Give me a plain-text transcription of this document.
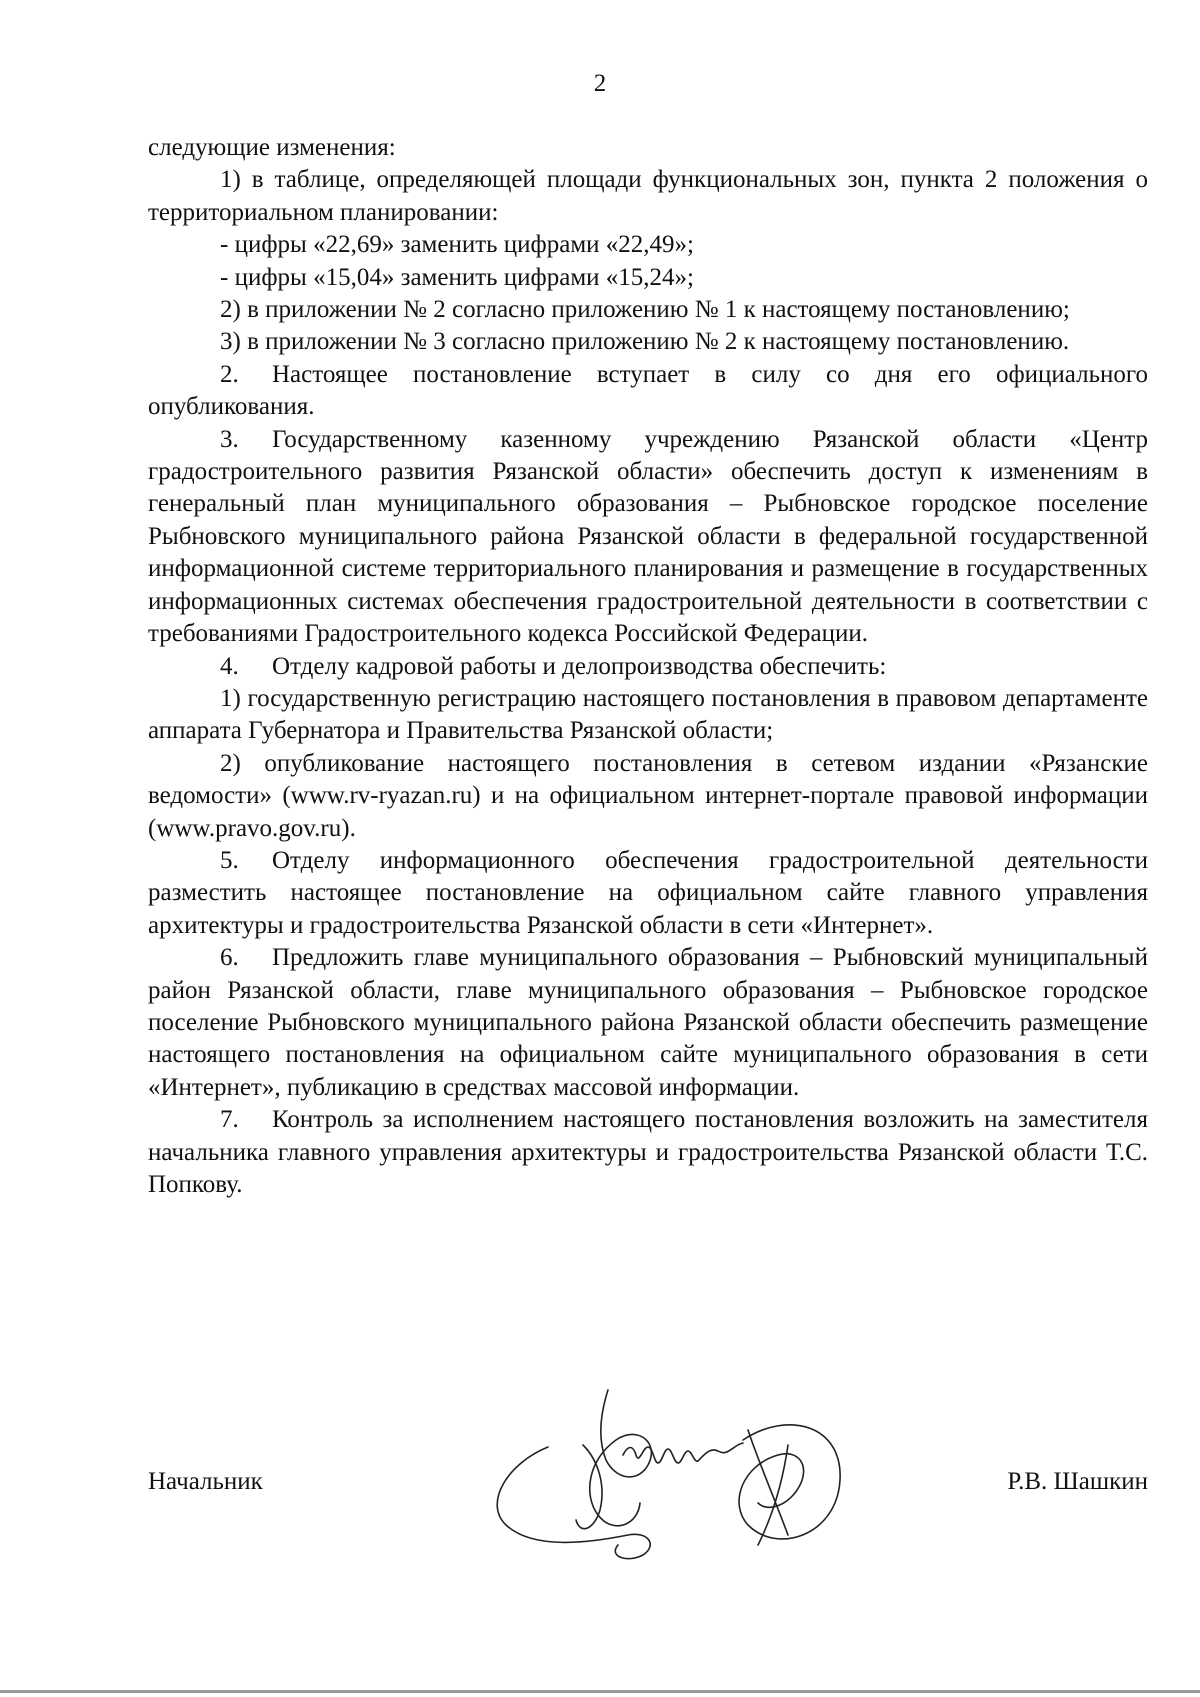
2

следующие изменения:

1) в таблице, определяющей площади функциональных зон, пункта 2 положения о территориальном планировании:

- цифры «22,69» заменить цифрами «22,49»;

- цифры «15,04» заменить цифрами «15,24»;

2) в приложении № 2 согласно приложению № 1 к настоящему постановлению;

3) в приложении № 3 согласно приложению № 2 к настоящему постановлению.

2. Настоящее постановление вступает в силу со дня его официального опубликования.

3. Государственному казенному учреждению Рязанской области «Центр градостроительного развития Рязанской области» обеспечить доступ к изменениям в генеральный план муниципального образования – Рыбновское городское поселение Рыбновского муниципального района Рязанской области в федеральной государственной информационной системе территориального планирования и размещение в государственных информационных системах обеспечения градостроительной деятельности в соответствии с требованиями Градостроительного кодекса Российской Федерации.

4. Отделу кадровой работы и делопроизводства обеспечить:

1) государственную регистрацию настоящего постановления в правовом департаменте аппарата Губернатора и Правительства Рязанской области;

2) опубликование настоящего постановления в сетевом издании «Рязанские ведомости» (www.rv-ryazan.ru) и на официальном интернет-портале правовой информации (www.pravo.gov.ru).

5. Отделу информационного обеспечения градостроительной деятельности разместить настоящее постановление на официальном сайте главного управления архитектуры и градостроительства Рязанской области в сети «Интернет».

6. Предложить главе муниципального образования – Рыбновский муниципальный район Рязанской области, главе муниципального образования – Рыбновское городское поселение Рыбновского муниципального района Рязанской области обеспечить размещение настоящего постановления на официальном сайте муниципального образования в сети «Интернет», публикацию в средствах массовой информации.

7. Контроль за исполнением настоящего постановления возложить на заместителя начальника главного управления архитектуры и градостроительства Рязанской области Т.С. Попкову.

Начальник	Р.В. Шашкин
